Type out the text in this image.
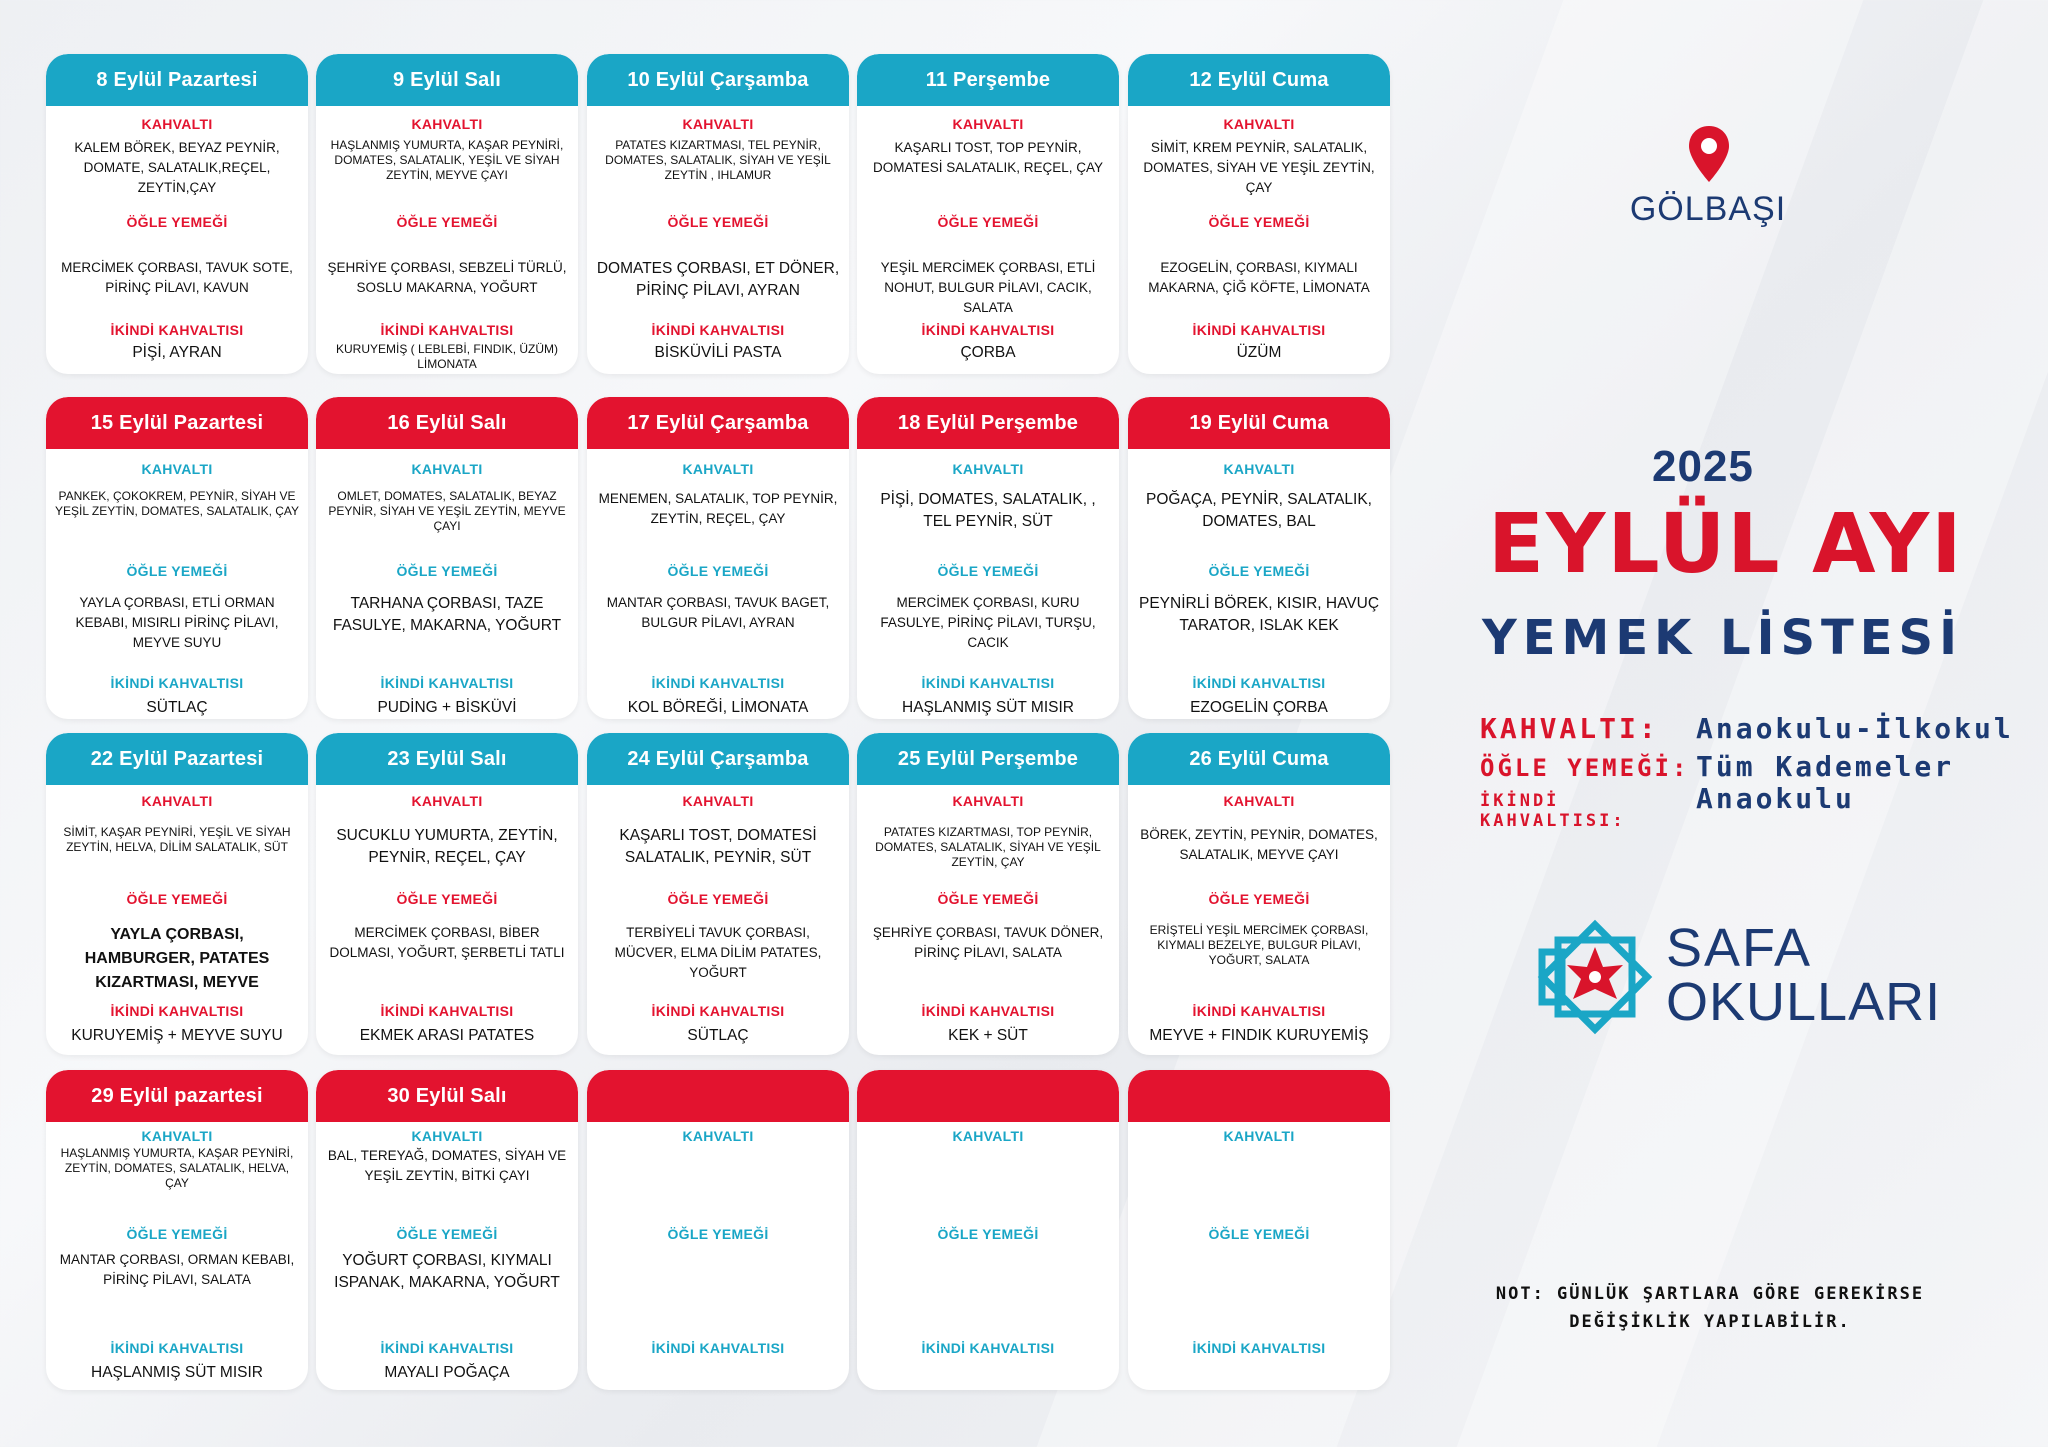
8 Eylül Pazartesi
KAHVALTI
KALEM BÖREK, BEYAZ PEYNİR, DOMATE, SALATALIK,REÇEL, ZEYTİN,ÇAY
ÖĞLE YEMEĞİ
MERCİMEK ÇORBASI, TAVUK SOTE, PİRİNÇ PİLAVI, KAVUN
İKİNDİ KAHVALTISI
PİŞİ, AYRAN
9 Eylül Salı
KAHVALTI
HAŞLANMIŞ YUMURTA, KAŞAR PEYNİRİ, DOMATES, SALATALIK, YEŞİL VE SİYAH ZEYTİN, MEYVE ÇAYI
ÖĞLE YEMEĞİ
ŞEHRİYE ÇORBASI, SEBZELİ TÜRLÜ, SOSLU MAKARNA, YOĞURT
İKİNDİ KAHVALTISI
KURUYEMİŞ ( LEBLEBİ, FINDIK, ÜZÜM) LİMONATA
10 Eylül Çarşamba
KAHVALTI
PATATES KIZARTMASI, TEL PEYNİR, DOMATES, SALATALIK, SİYAH VE YEŞİL ZEYTİN , IHLAMUR
ÖĞLE YEMEĞİ
DOMATES ÇORBASI, ET DÖNER, PİRİNÇ PİLAVI, AYRAN
İKİNDİ KAHVALTISI
BİSKÜVİLİ PASTA
11 Perşembe
KAHVALTI
KAŞARLI TOST, TOP PEYNİR, DOMATESİ SALATALIK, REÇEL, ÇAY
ÖĞLE YEMEĞİ
YEŞİL MERCİMEK ÇORBASI, ETLİ NOHUT, BULGUR PİLAVI, CACIK, SALATA
İKİNDİ KAHVALTISI
ÇORBA
12 Eylül Cuma
KAHVALTI
SİMİT, KREM PEYNİR, SALATALIK, DOMATES, SİYAH VE YEŞİL ZEYTİN, ÇAY
ÖĞLE YEMEĞİ
EZOGELİN, ÇORBASI, KIYMALI MAKARNA, ÇİĞ KÖFTE, LİMONATA
İKİNDİ KAHVALTISI
ÜZÜM
15 Eylül Pazartesi
KAHVALTI
PANKEK, ÇOKOKREM, PEYNİR, SİYAH VE YEŞİL ZEYTİN, DOMATES, SALATALIK, ÇAY
ÖĞLE YEMEĞİ
YAYLA ÇORBASI, ETLİ ORMAN KEBABI, MISIRLI PİRİNÇ PİLAVI, MEYVE SUYU
İKİNDİ KAHVALTISI
SÜTLAÇ
16 Eylül Salı
KAHVALTI
OMLET, DOMATES, SALATALIK, BEYAZ PEYNİR, SİYAH VE YEŞİL ZEYTİN, MEYVE ÇAYI
ÖĞLE YEMEĞİ
TARHANA ÇORBASI, TAZE FASULYE, MAKARNA, YOĞURT
İKİNDİ KAHVALTISI
PUDİNG + BİSKÜVİ
17 Eylül Çarşamba
KAHVALTI
MENEMEN, SALATALIK, TOP PEYNİR, ZEYTİN, REÇEL, ÇAY
ÖĞLE YEMEĞİ
MANTAR ÇORBASI, TAVUK BAGET, BULGUR PİLAVI, AYRAN
İKİNDİ KAHVALTISI
KOL BÖREĞİ, LİMONATA
18 Eylül Perşembe
KAHVALTI
PİŞİ, DOMATES, SALATALIK, , TEL PEYNİR, SÜT
ÖĞLE YEMEĞİ
MERCİMEK ÇORBASI, KURU FASULYE, PİRİNÇ PİLAVI, TURŞU, CACIK
İKİNDİ KAHVALTISI
HAŞLANMIŞ SÜT MISIR
19 Eylül Cuma
KAHVALTI
POĞAÇA, PEYNİR, SALATALIK, DOMATES, BAL
ÖĞLE YEMEĞİ
PEYNİRLİ BÖREK, KISIR, HAVUÇ TARATOR, ISLAK KEK
İKİNDİ KAHVALTISI
EZOGELİN ÇORBA
22 Eylül Pazartesi
KAHVALTI
SİMİT, KAŞAR PEYNİRİ, YEŞİL VE SİYAH ZEYTİN, HELVA, DİLİM SALATALIK, SÜT
ÖĞLE YEMEĞİ
YAYLA ÇORBASI, HAMBURGER, PATATES KIZARTMASI, MEYVE
İKİNDİ KAHVALTISI
KURUYEMİŞ + MEYVE SUYU
23 Eylül Salı
KAHVALTI
SUCUKLU YUMURTA, ZEYTİN, PEYNİR, REÇEL, ÇAY
ÖĞLE YEMEĞİ
MERCİMEK ÇORBASI, BİBER DOLMASI, YOĞURT, ŞERBETLİ TATLI
İKİNDİ KAHVALTISI
EKMEK ARASI PATATES
24 Eylül Çarşamba
KAHVALTI
KAŞARLI TOST, DOMATESİ SALATALIK, PEYNİR, SÜT
ÖĞLE YEMEĞİ
TERBİYELİ TAVUK ÇORBASI, MÜCVER, ELMA DİLİM PATATES, YOĞURT
İKİNDİ KAHVALTISI
SÜTLAÇ
25 Eylül Perşembe
KAHVALTI
PATATES KIZARTMASI, TOP PEYNİR, DOMATES, SALATALIK, SİYAH VE YEŞİL ZEYTİN, ÇAY
ÖĞLE YEMEĞİ
ŞEHRİYE ÇORBASI, TAVUK DÖNER, PİRİNÇ PİLAVI, SALATA
İKİNDİ KAHVALTISI
KEK + SÜT
26 Eylül Cuma
KAHVALTI
BÖREK, ZEYTİN, PEYNİR, DOMATES, SALATALIK, MEYVE ÇAYI
ÖĞLE YEMEĞİ
ERİŞTELİ YEŞİL MERCİMEK ÇORBASI, KIYMALI BEZELYE, BULGUR PİLAVI, YOĞURT, SALATA
İKİNDİ KAHVALTISI
MEYVE + FINDIK KURUYEMİŞ
29 Eylül pazartesi
KAHVALTI
HAŞLANMIŞ YUMURTA, KAŞAR PEYNİRİ, ZEYTİN, DOMATES, SALATALIK, HELVA, ÇAY
ÖĞLE YEMEĞİ
MANTAR ÇORBASI, ORMAN KEBABI, PİRİNÇ PİLAVI, SALATA
İKİNDİ KAHVALTISI
HAŞLANMIŞ SÜT MISIR
30 Eylül Salı
KAHVALTI
BAL, TEREYAĞ, DOMATES, SİYAH VE YEŞİL ZEYTİN, BİTKİ ÇAYI
ÖĞLE YEMEĞİ
YOĞURT ÇORBASI, KIYMALI ISPANAK, MAKARNA, YOĞURT
İKİNDİ KAHVALTISI
MAYALI POĞAÇA
KAHVALTI
ÖĞLE YEMEĞİ
İKİNDİ KAHVALTISI
KAHVALTI
ÖĞLE YEMEĞİ
İKİNDİ KAHVALTISI
KAHVALTI
ÖĞLE YEMEĞİ
İKİNDİ KAHVALTISI
GÖLBAŞI
2025
EYLÜL AYI
YEMEK LİSTESİ
KAHVALTI:	Anaokulu-İlkokul
ÖĞLE YEMEĞİ: Tüm Kademeler
İKİNDİ KAHVALTISI:
Anaokulu
SAFA
OKULLARI
NOT: GÜNLÜK ŞARTLARA GÖRE GEREKİRSE DEĞİŞİKLİK YAPILABİLİR.
